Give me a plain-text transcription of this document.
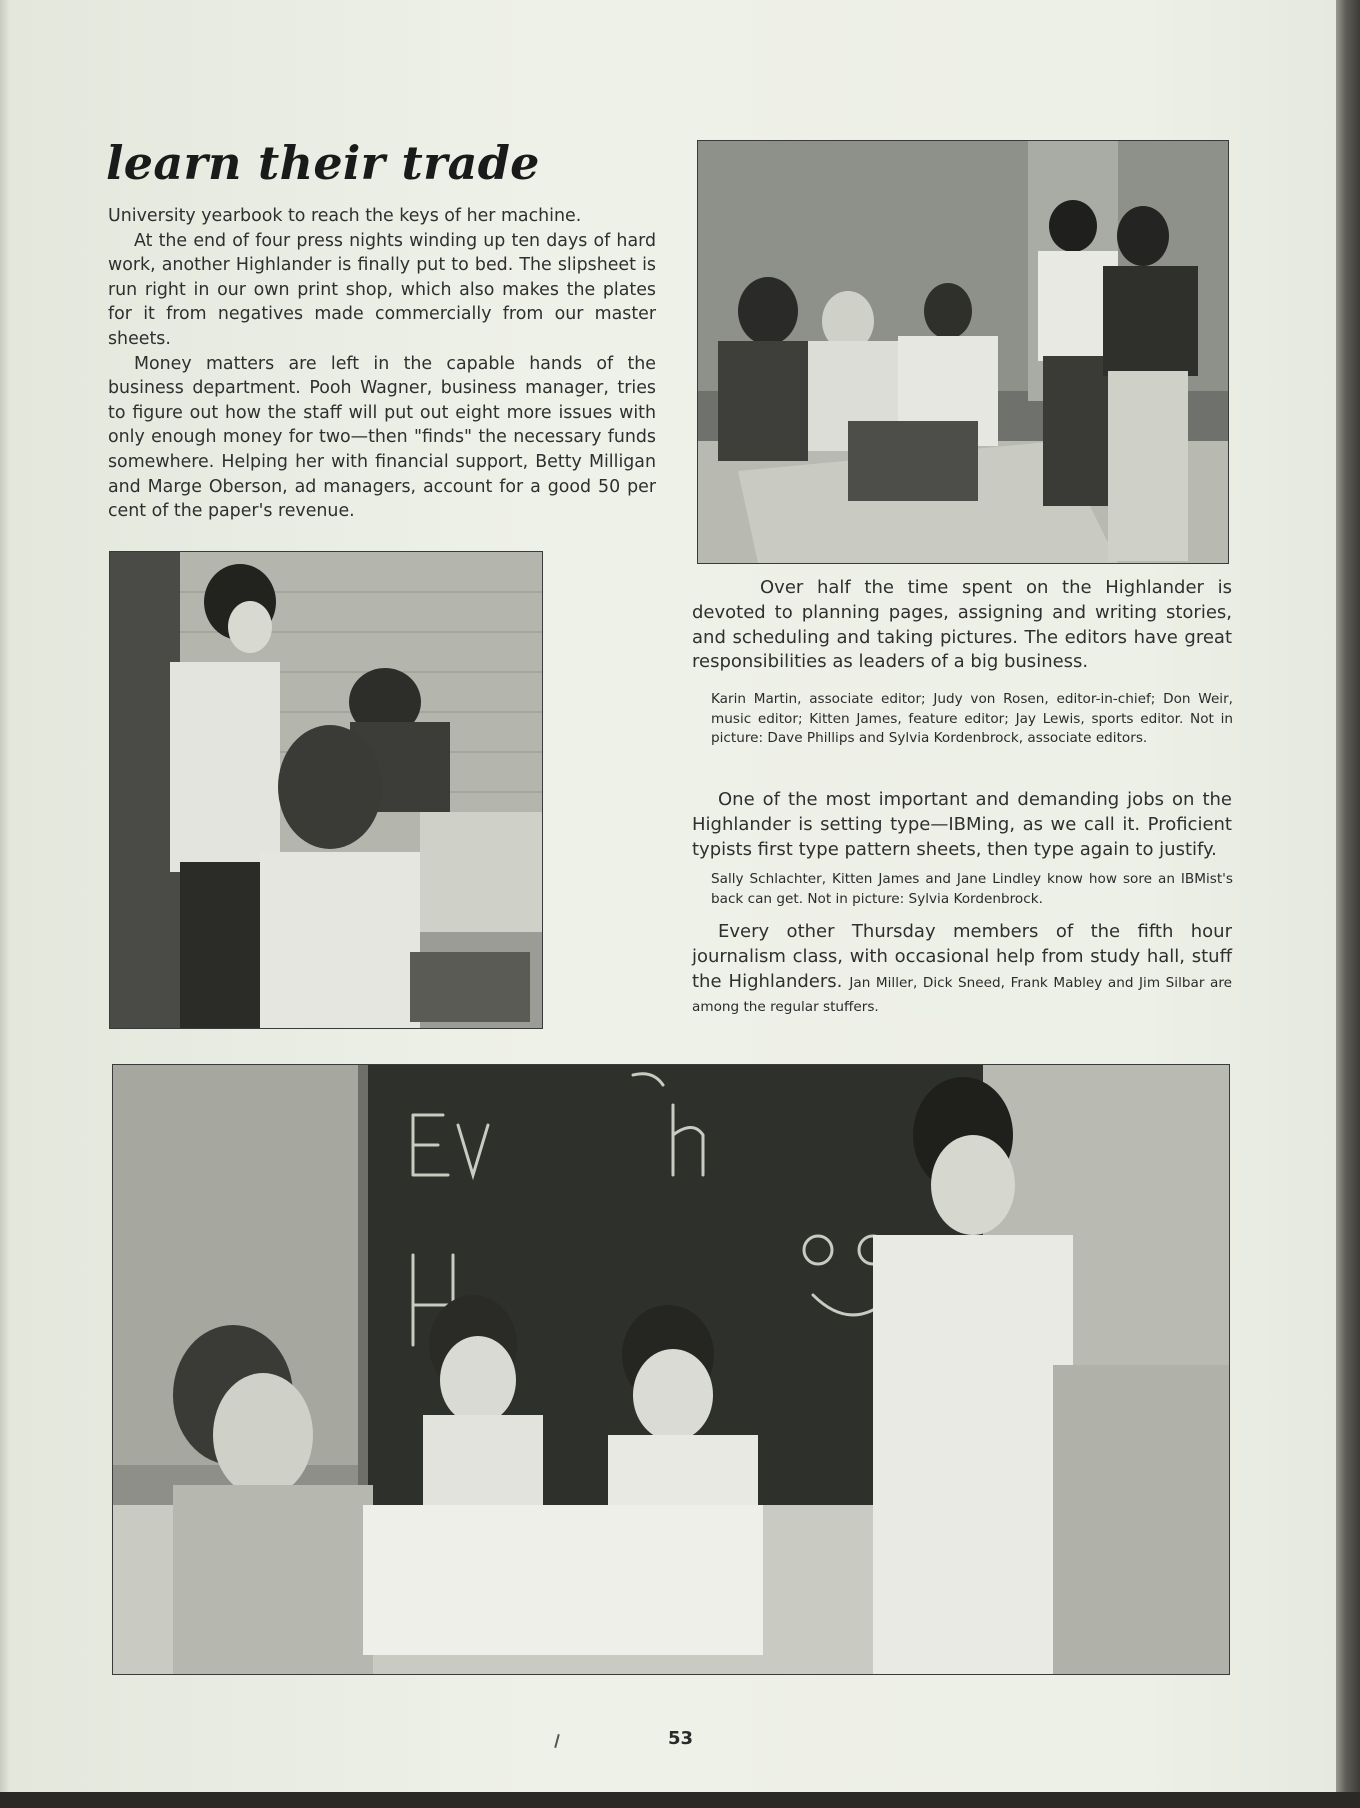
learn their trade

University yearbook to reach the keys of her machine.

At the end of four press nights winding up ten days of hard work, another Highlander is finally put to bed. The slipsheet is run right in our own print shop, which also makes the plates for it from negatives made commercially from our master sheets.

Money matters are left in the capable hands of the business department. Pooh Wagner, business manager, tries to figure out how the staff will put out eight more issues with only enough money for two—then "finds" the necessary funds somewhere. Helping her with financial support, Betty Milligan and Marge Oberson, ad managers, account for a good 50 per cent of the paper's revenue.

Over half the time spent on the Highlander is devoted to planning pages, assigning and writing stories, and scheduling and taking pictures. The editors have great responsibilities as leaders of a big business.

Karin Martin, associate editor; Judy von Rosen, editor-in-chief; Don Weir, music editor; Kitten James, feature editor; Jay Lewis, sports editor. Not in picture: Dave Phillips and Sylvia Kordenbrock, associate editors.

One of the most important and demanding jobs on the Highlander is setting type—IBMing, as we call it. Proficient typists first type pattern sheets, then type again to justify.

Sally Schlachter, Kitten James and Jane Lindley know how sore an IBMist's back can get. Not in picture: Sylvia Kordenbrock.

Every other Thursday members of the fifth hour journalism class, with occasional help from study hall, stuff the Highlanders. Jan Miller, Dick Sneed, Frank Mabley and Jim Silbar are among the regular stuffers.

53
